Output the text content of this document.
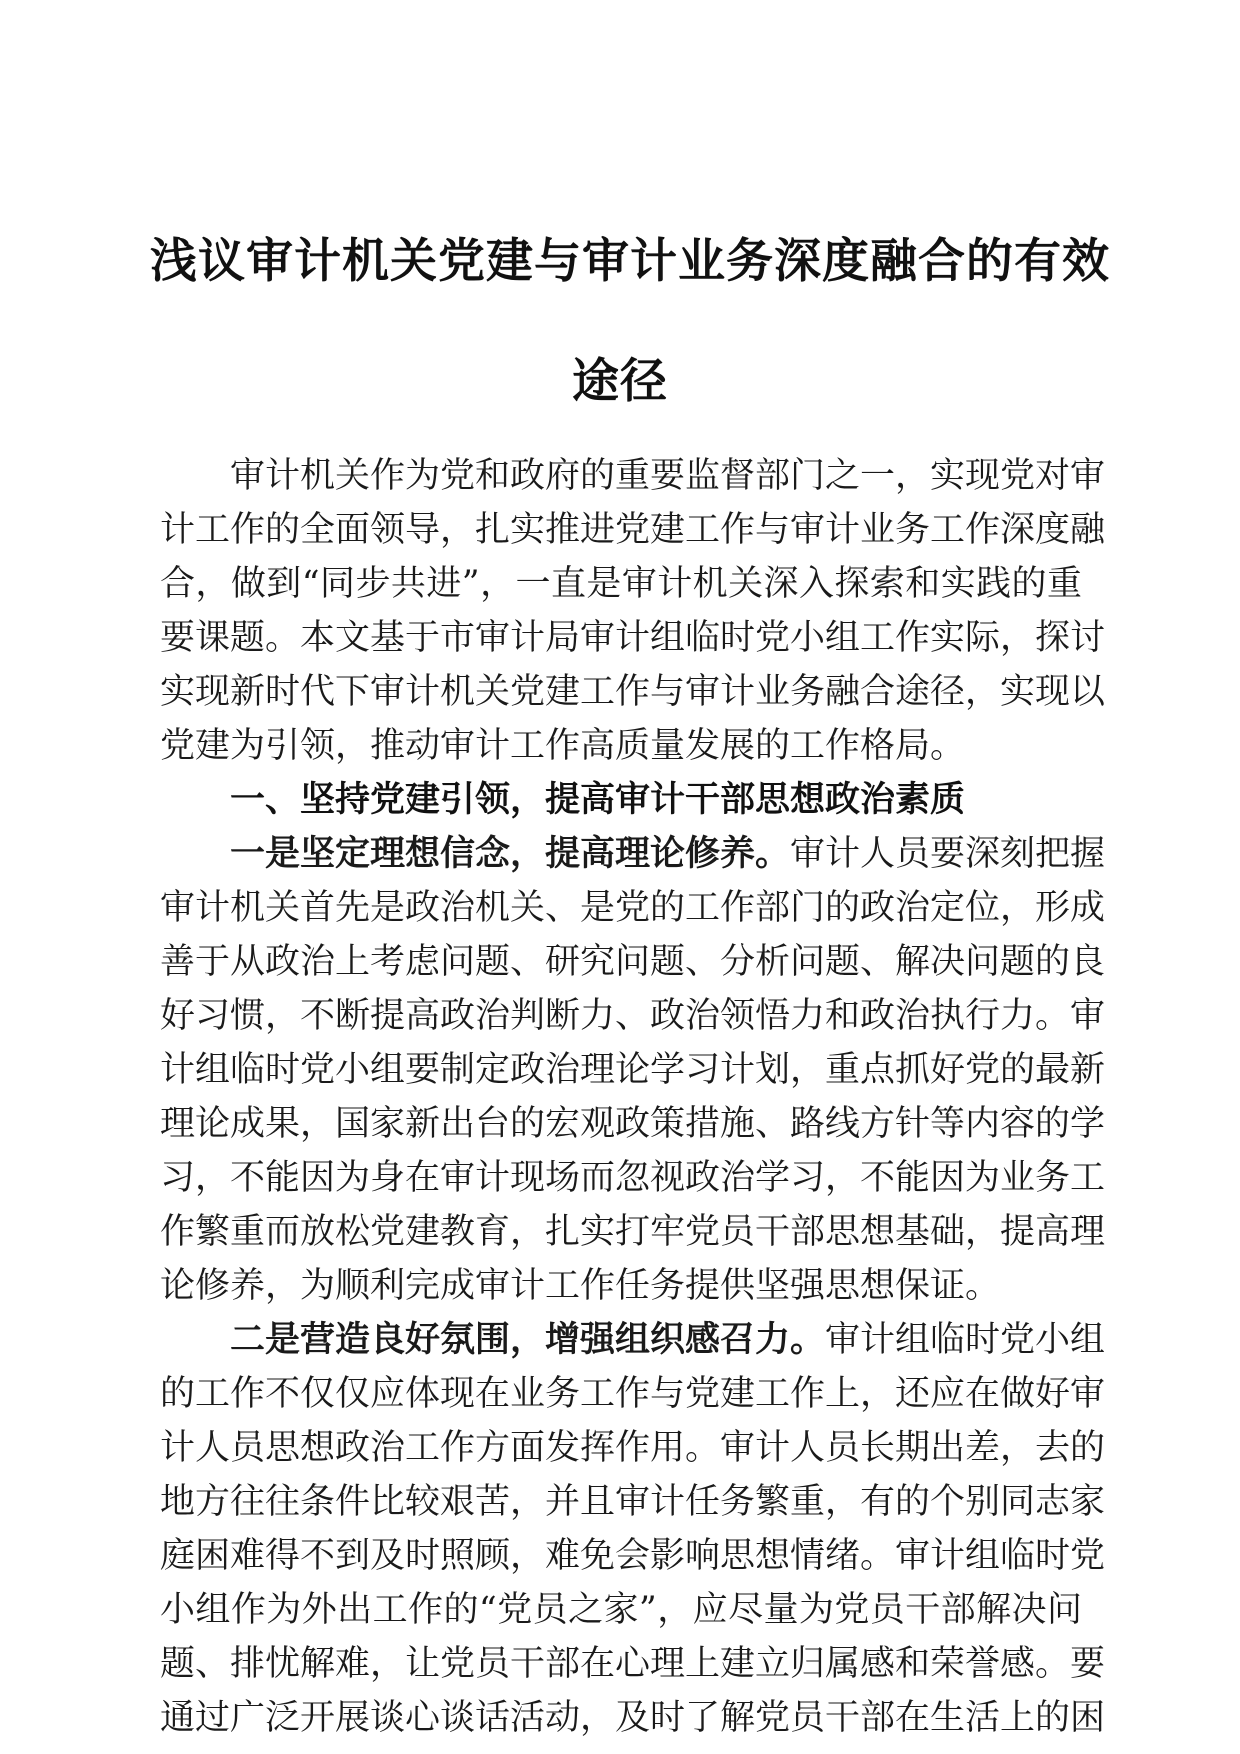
浅议审计机关党建与审计业务深度融合的有效
途径
审计机关作为党和政府的重要监督部门之一，实现党对审
计工作的全面领导，扎实推进党建工作与审计业务工作深度融
合，做到“同步共进”，一直是审计机关深入探索和实践的重
要课题。本文基于市审计局审计组临时党小组工作实际，探讨
实现新时代下审计机关党建工作与审计业务融合途径，实现以
党建为引领，推动审计工作高质量发展的工作格局。
一、坚持党建引领，提高审计干部思想政治素质
一是坚定理想信念，提高理论修养。审计人员要深刻把握
审计机关首先是政治机关、是党的工作部门的政治定位，形成
善于从政治上考虑问题、研究问题、分析问题、解决问题的良
好习惯，不断提高政治判断力、政治领悟力和政治执行力。审
计组临时党小组要制定政治理论学习计划，重点抓好党的最新
理论成果，国家新出台的宏观政策措施、路线方针等内容的学
习，不能因为身在审计现场而忽视政治学习，不能因为业务工
作繁重而放松党建教育，扎实打牢党员干部思想基础，提高理
论修养，为顺利完成审计工作任务提供坚强思想保证。
二是营造良好氛围，增强组织感召力。审计组临时党小组
的工作不仅仅应体现在业务工作与党建工作上，还应在做好审
计人员思想政治工作方面发挥作用。审计人员长期出差，去的
地方往往条件比较艰苦，并且审计任务繁重，有的个别同志家
庭困难得不到及时照顾，难免会影响思想情绪。审计组临时党
小组作为外出工作的“党员之家”，应尽量为党员干部解决问
题、排忧解难，让党员干部在心理上建立归属感和荣誉感。要
通过广泛开展谈心谈话活动，及时了解党员干部在生活上的困
